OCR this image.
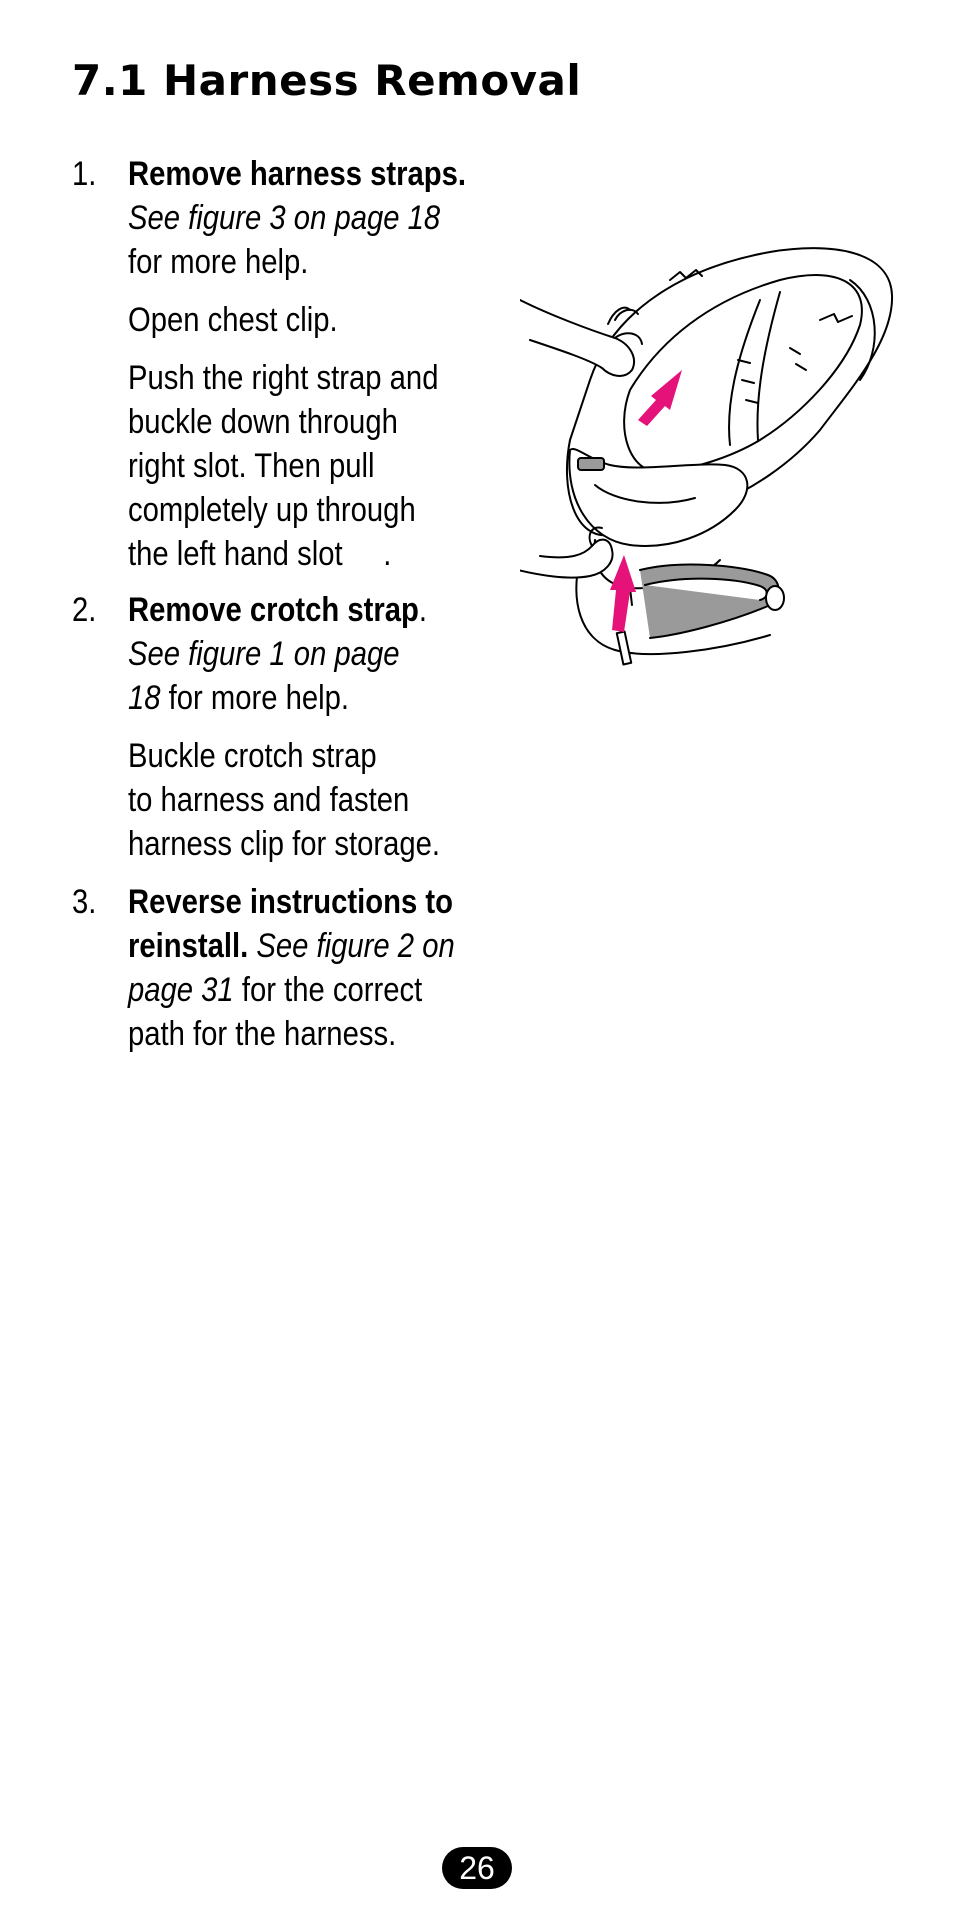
7.1 Harness Removal
1. Remove harness straps.
See figure 3 on page 18
for more help.
Open chest clip.
Push the right strap and
buckle down through
right slot. Then pull
completely up through
the left hand slot     .
2. Remove crotch strap.
See figure 1 on page
18 for more help.
Buckle crotch strap
to harness and fasten
harness clip for storage.
3. Reverse instructions to
reinstall. See figure 2 on
page 31 for the correct
path for the harness.
26
